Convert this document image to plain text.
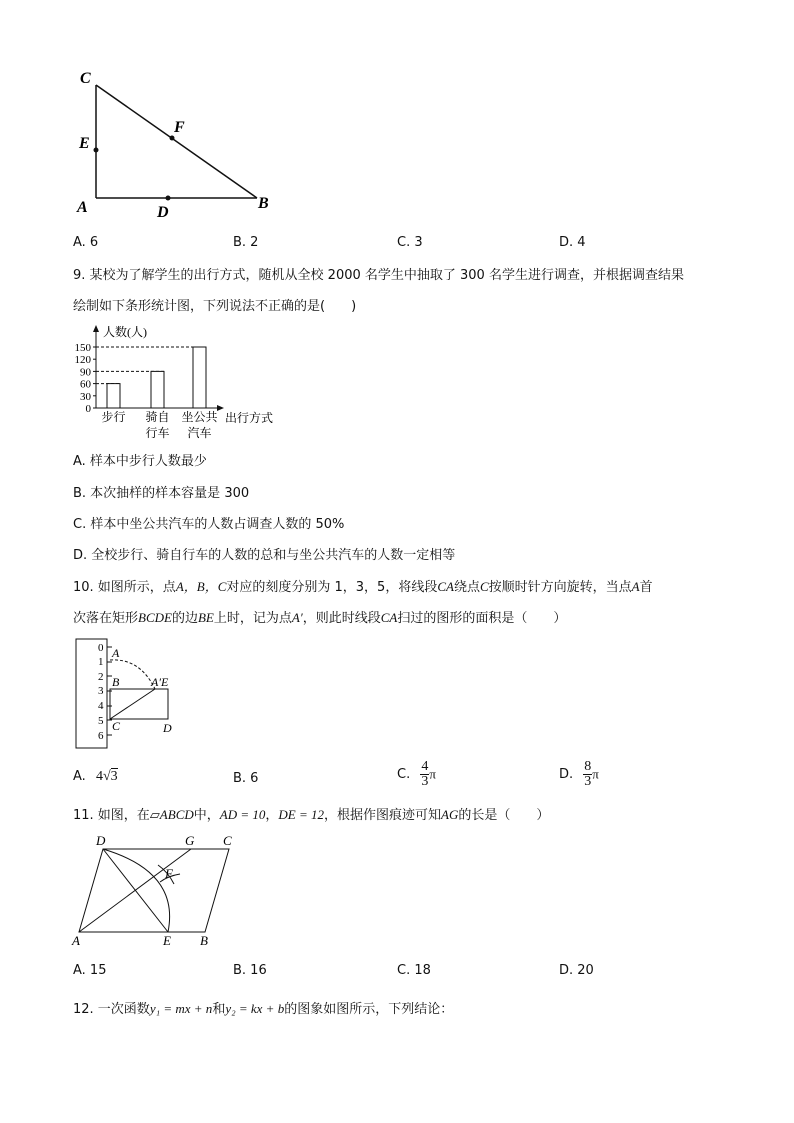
C
E
F
A	D
B
A. 6	B. 2	C. 3	D. 4
9. 某校为了解学生的出行方式，随机从全校 2000 名学生中抽取了 300 名学生进行调查，并根据调查结果
绘制如下条形统计图，下列说法不正确的是(　　)
人数(人)
出行方式
0
30
60
90
120
150
步行 骑自
行车
坐公共
汽车
A. 样本中步行人数最少
B. 本次抽样的样本容量是 300
C. 样本中坐公共汽车的人数占调查人数的 50%
D. 全校步行、骑自行车的人数的总和与坐公共汽车的人数一定相等
10. 如图所示，点A，B，C对应的刻度分别为 1，3，5，将线段CA绕点C按顺时针方向旋转，当点A首
次落在矩形BCDE的边BE上时，记为点A′，则此时线段CA扫过的图形的面积是（　　）
0
1
2
3
4
5
6
A
B	A′E
C	D
A. 4√3	B. 6	C. $\frac{4}{3}$ π	D. $\frac{8}{3}$ π
11. 如图，在▱ABCD中，AD = 10，DE = 12，根据作图痕迹可知AG的长是（　　）
D	G C
F
A	E B
A. 15	B. 16	C. 18	D. 20
12. 一次函数y₁ = mx + n和y₂ = kx + b的图象如图所示，下列结论：
